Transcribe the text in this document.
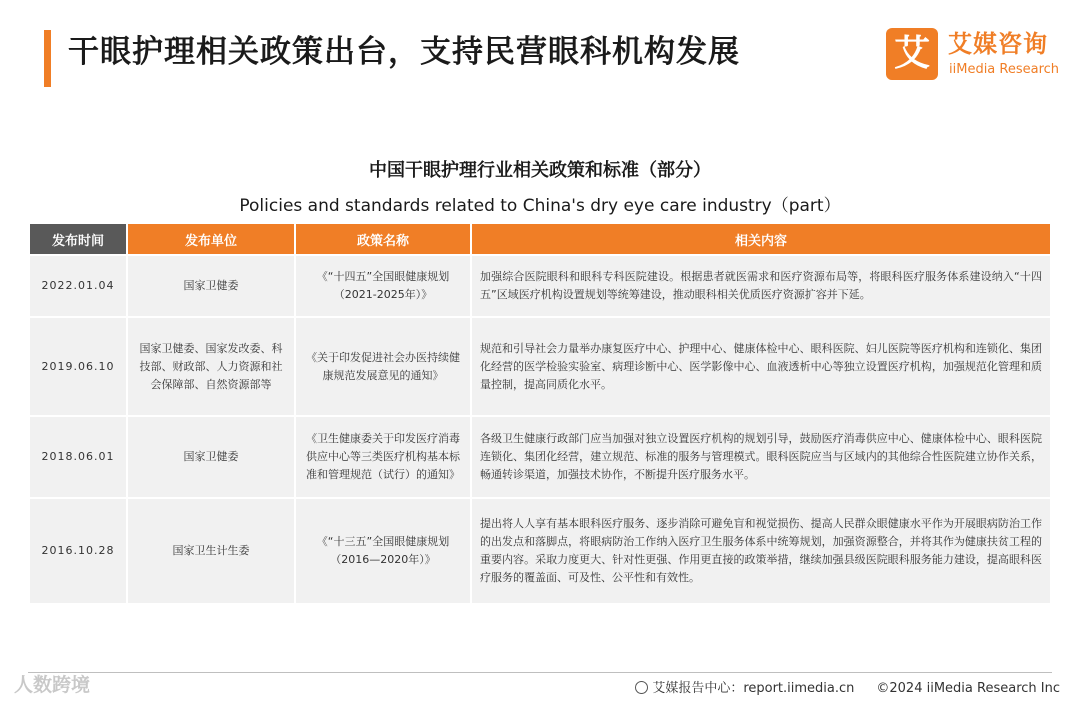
干眼护理相关政策出台，支持民营眼科机构发展	艾 艾媒咨询
iiMedia Research
中国干眼护理行业相关政策和标准（部分）
Policies and standards related to China's dry eye care industry（part）
发布时间	发布单位	政策名称	相关内容
2022.01.04	国家卫健委	《“十四五”全国眼健康规划（2021-2025年）》	加强综合医院眼科和眼科专科医院建设。根据患者就医需求和医疗资源布局等，将眼科医疗服务体系建设纳入“十四五”区域医疗机构设置规划等统筹建设，推动眼科相关优质医疗资源扩容并下延。
2019.06.10	国家卫健委、国家发改委、科技部、财政部、人力资源和社会保障部、自然资源部等	《关于印发促进社会办医持续健康规范发展意见的通知》	规范和引导社会力量举办康复医疗中心、护理中心、健康体检中心、眼科医院、妇儿医院等医疗机构和连锁化、集团化经营的医学检验实验室、病理诊断中心、医学影像中心、血液透析中心等独立设置医疗机构，加强规范化管理和质量控制，提高同质化水平。
2018.06.01	国家卫健委	《卫生健康委关于印发医疗消毒供应中心等三类医疗机构基本标准和管理规范（试行）的通知》	各级卫生健康行政部门应当加强对独立设置医疗机构的规划引导，鼓励医疗消毒供应中心、健康体检中心、眼科医院连锁化、集团化经营，建立规范、标准的服务与管理模式。眼科医院应当与区域内的其他综合性医院建立协作关系，畅通转诊渠道，加强技术协作，不断提升医疗服务水平。
2016.10.28	国家卫生计生委	《“十三五”全国眼健康规划（2016—2020年）》	提出将人人享有基本眼科医疗服务、逐步消除可避免盲和视觉损伤、提高人民群众眼健康水平作为开展眼病防治工作的出发点和落脚点，将眼病防治工作纳入医疗卫生服务体系中统筹规划，加强资源整合，并将其作为健康扶贫工程的重要内容。采取力度更大、针对性更强、作用更直接的政策举措，继续加强县级医院眼科服务能力建设，提高眼科医疗服务的覆盖面、可及性、公平性和有效性。
人数跨境	艾媒报告中心：report.iimedia.cn ©2024 iiMedia Research Inc
